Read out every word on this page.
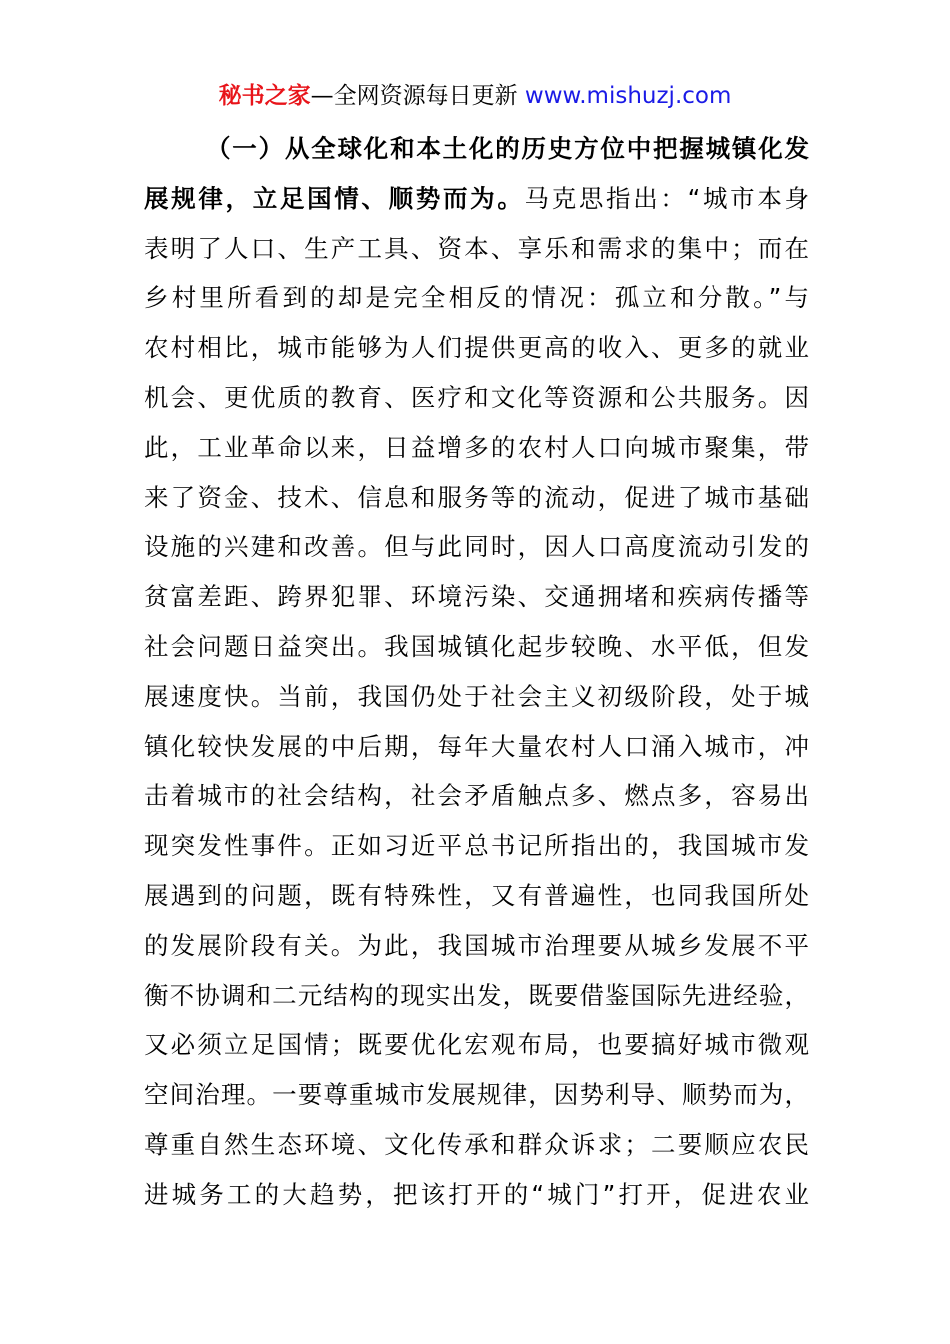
秘书之家—全网资源每日更新 www.mishuzj.com
（一）从全球化和本土化的历史方位中把握城镇化发
展规律，立足国情、顺势而为。马克思指出：“城市本身
表明了人口、生产工具、资本、享乐和需求的集中；而在
乡村里所看到的却是完全相反的情况：孤立和分散。”与
农村相比，城市能够为人们提供更高的收入、更多的就业
机会、更优质的教育、医疗和文化等资源和公共服务。因
此，工业革命以来，日益增多的农村人口向城市聚集，带
来了资金、技术、信息和服务等的流动，促进了城市基础
设施的兴建和改善。但与此同时，因人口高度流动引发的
贫富差距、跨界犯罪、环境污染、交通拥堵和疾病传播等
社会问题日益突出。我国城镇化起步较晚、水平低，但发
展速度快。当前，我国仍处于社会主义初级阶段，处于城
镇化较快发展的中后期，每年大量农村人口涌入城市，冲
击着城市的社会结构，社会矛盾触点多、燃点多，容易出
现突发性事件。正如习近平总书记所指出的，我国城市发
展遇到的问题，既有特殊性，又有普遍性，也同我国所处
的发展阶段有关。为此，我国城市治理要从城乡发展不平
衡不协调和二元结构的现实出发，既要借鉴国际先进经验，
又必须立足国情；既要优化宏观布局，也要搞好城市微观
空间治理。一要尊重城市发展规律，因势利导、顺势而为，
尊重自然生态环境、文化传承和群众诉求；二要顺应农民
进城务工的大趋势，把该打开的“城门”打开，促进农业
